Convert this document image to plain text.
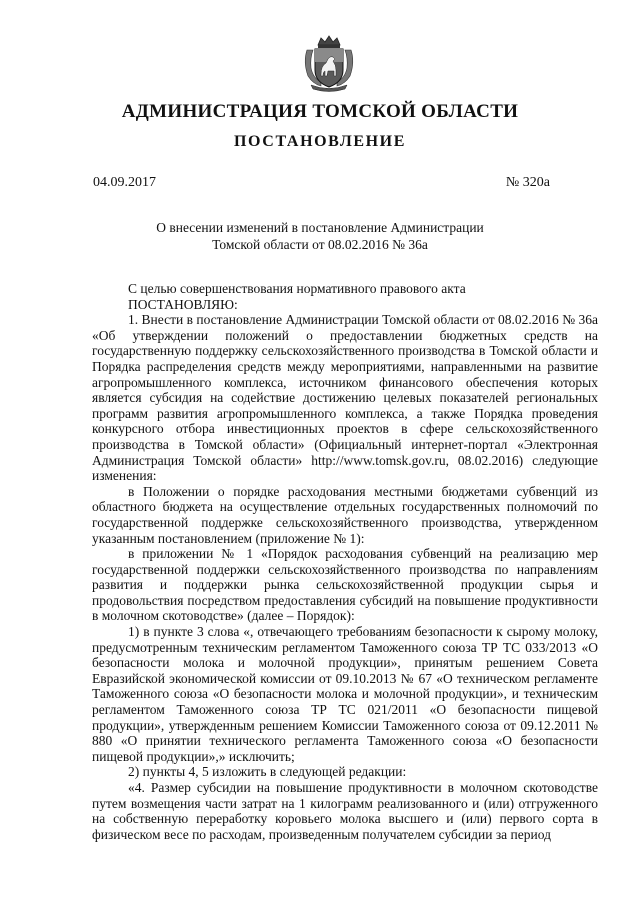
АДМИНИСТРАЦИЯ ТОМСКОЙ ОБЛАСТИ
ПОСТАНОВЛЕНИЕ
04.09.2017	№ 320а
О внесении изменений в постановление Администрации
Томской области от 08.02.2016 № 36а

С целью совершенствования нормативного правового акта

ПОСТАНОВЛЯЮ:

1. Внести в постановление Администрации Томской области от 08.02.2016 № 36а «Об утверждении положений о предоставлении бюджетных средств на государственную поддержку сельскохозяйственного производства в Томской области и Порядка распределения средств между мероприятиями, направленными на развитие агропромышленного комплекса, источником финансового обеспечения которых является субсидия на содействие достижению целевых показателей региональных программ развития агропромышленного комплекса, а также Порядка проведения конкурсного отбора инвестиционных проектов в сфере сельскохозяйственного производства в Томской области» (Официальный интернет-портал «Электронная Администрация Томской области» http://www.tomsk.gov.ru, 08.02.2016) следующие изменения:

в Положении о порядке расходования местными бюджетами субвенций из областного бюджета на осуществление отдельных государственных полномочий по государственной поддержке сельскохозяйственного производства, утвержденном указанным постановлением (приложение № 1):

в приложении № 1 «Порядок расходования субвенций на реализацию мер государственной поддержки сельскохозяйственного производства по направлениям развития и поддержки рынка сельскохозяйственной продукции сырья и продовольствия посредством предоставления субсидий на повышение продуктивности в молочном скотоводстве» (далее – Порядок):

1) в пункте 3 слова «, отвечающего требованиям безопасности к сырому молоку, предусмотренным техническим регламентом Таможенного союза ТР ТС 033/2013 «О безопасности молока и молочной продукции», принятым решением Совета Евразийской экономической комиссии от 09.10.2013 № 67 «О техническом регламенте Таможенного союза «О безопасности молока и молочной продукции», и техническим регламентом Таможенного союза ТР ТС 021/2011 «О безопасности пищевой продукции», утвержденным решением Комиссии Таможенного союза от 09.12.2011 № 880 «О принятии технического регламента Таможенного союза «О безопасности пищевой продукции»,» исключить;

2) пункты 4, 5 изложить в следующей редакции:

«4. Размер субсидии на повышение продуктивности в молочном скотоводстве путем возмещения части затрат на 1 килограмм реализованного и (или) отгруженного на собственную переработку коровьего молока высшего и (или) первого сорта в физическом весе по расходам, произведенным получателем субсидии за период
